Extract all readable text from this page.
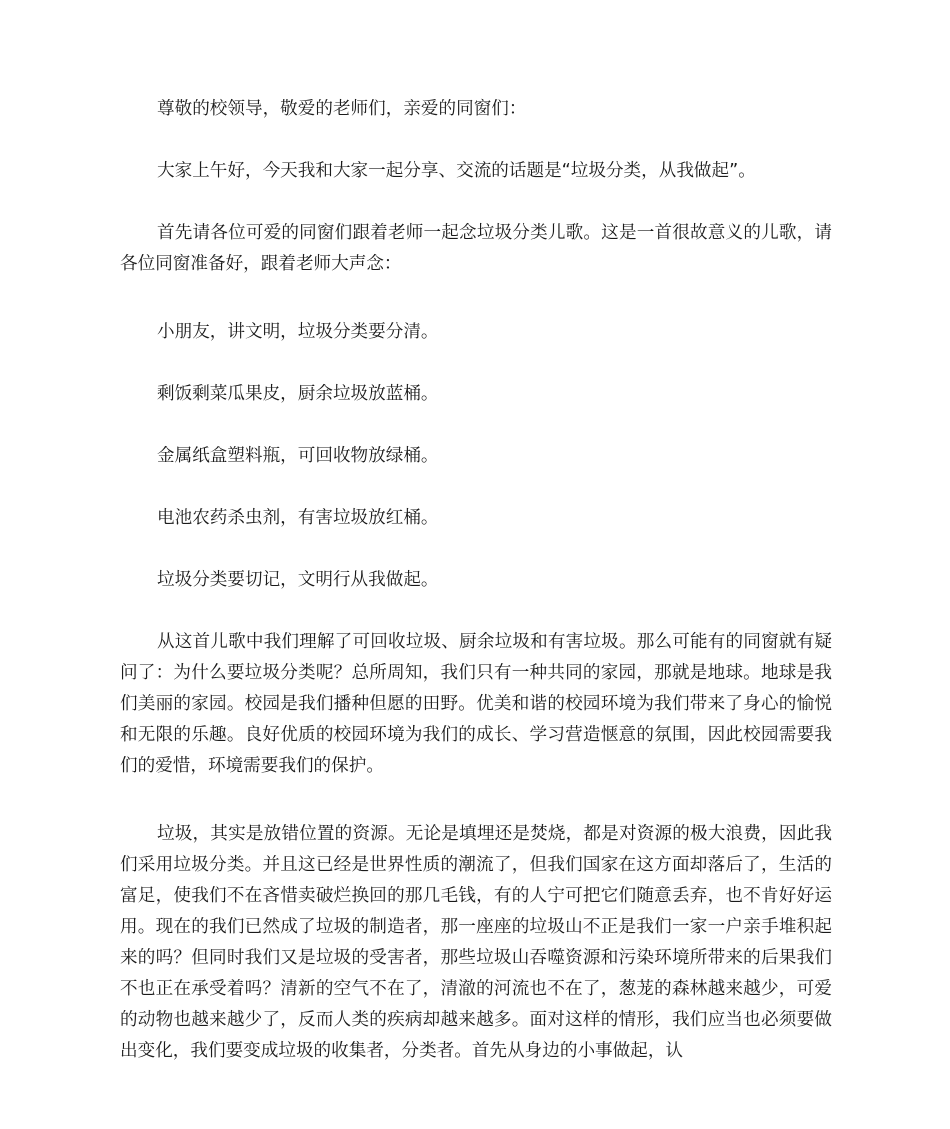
尊敬的校领导，敬爱的老师们，亲爱的同窗们：

大家上午好，今天我和大家一起分享、交流的话题是“垃圾分类，从我做起”。

首先请各位可爱的同窗们跟着老师一起念垃圾分类儿歌。这是一首很故意义的儿歌，请各位同窗准备好，跟着老师大声念：

小朋友，讲文明，垃圾分类要分清。

剩饭剩菜瓜果皮，厨余垃圾放蓝桶。

金属纸盒塑料瓶，可回收物放绿桶。

电池农药杀虫剂，有害垃圾放红桶。

垃圾分类要切记，文明行从我做起。

从这首儿歌中我们理解了可回收垃圾、厨余垃圾和有害垃圾。那么可能有的同窗就有疑问了：为什么要垃圾分类呢？总所周知，我们只有一种共同的家园，那就是地球。地球是我们美丽的家园。校园是我们播种但愿的田野。优美和谐的校园环境为我们带来了身心的愉悦和无限的乐趣。良好优质的校园环境为我们的成长、学习营造惬意的氛围，因此校园需要我们的爱惜，环境需要我们的保护。

垃圾，其实是放错位置的资源。无论是填埋还是焚烧，都是对资源的极大浪费，因此我们采用垃圾分类。并且这已经是世界性质的潮流了，但我们国家在这方面却落后了，生活的富足，使我们不在吝惜卖破烂换回的那几毛钱，有的人宁可把它们随意丢弃，也不肯好好运用。现在的我们已然成了垃圾的制造者，那一座座的垃圾山不正是我们一家一户亲手堆积起来的吗？但同时我们又是垃圾的受害者，那些垃圾山吞噬资源和污染环境所带来的后果我们不也正在承受着吗？清新的空气不在了，清澈的河流也不在了，葱茏的森林越来越少，可爱的动物也越来越少了，反而人类的疾病却越来越多。面对这样的情形，我们应当也必须要做出变化，我们要变成垃圾的收集者，分类者。首先从身边的小事做起，认
